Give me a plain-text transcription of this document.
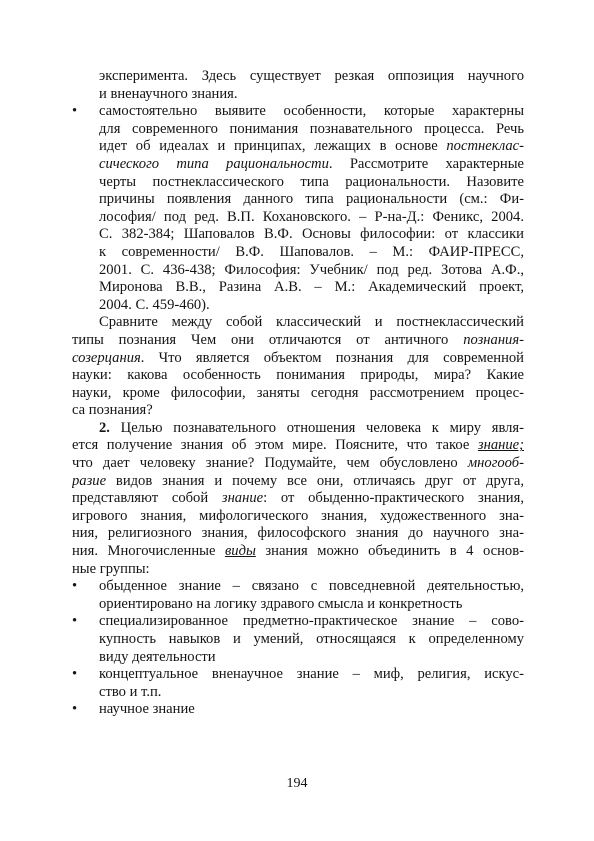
эксперимента. Здесь существует резкая оппозиция научного
и вненаучного знания.
• самостоятельно выявите особенности, которые характерны
для современного понимания познавательного процесса. Речь
идет об идеалах и принципах, лежащих в основе постнеклас-
сического типа рациональности. Рассмотрите характерные
черты постнеклассического типа рациональности. Назовите
причины появления данного типа рациональности (см.: Фи-
лософия/ под ред. В.П. Кохановского. – Р-на-Д.: Феникс, 2004.
С. 382-384; Шаповалов В.Ф. Основы философии: от классики
к современности/ В.Ф. Шаповалов. – М.: ФАИР-ПРЕСС,
2001. С. 436-438; Философия: Учебник/ под ред. Зотова А.Ф.,
Миронова В.В., Разина А.В. – М.: Академический проект,
2004. С. 459-460).
Сравните между собой классический и постнеклассический
типы познания Чем они отличаются от античного познания-
созерцания. Что является объектом познания для современной
науки: какова особенность понимания природы, мира? Какие
науки, кроме философии, заняты сегодня рассмотрением процес-
са познания?
2. Целью познавательного отношения человека к миру явля-
ется получение знания об этом мире. Поясните, что такое знание;
что дает человеку знание? Подумайте, чем обусловлено многооб-
разие видов знания и почему все они, отличаясь друг от друга,
представляют собой знание: от обыденно-практического знания,
игрового знания, мифологического знания, художественного зна-
ния, религиозного знания, философского знания до научного зна-
ния. Многочисленные виды знания можно объединить в 4 основ-
ные группы:
• обыденное знание – связано с повседневной деятельностью,
ориентировано на логику здравого смысла и конкретность
• специализированное предметно-практическое знание – сово-
купность навыков и умений, относящаяся к определенному
виду деятельности
• концептуальное вненаучное знание – миф, религия, искус-
ство и т.п.
• научное знание
194
